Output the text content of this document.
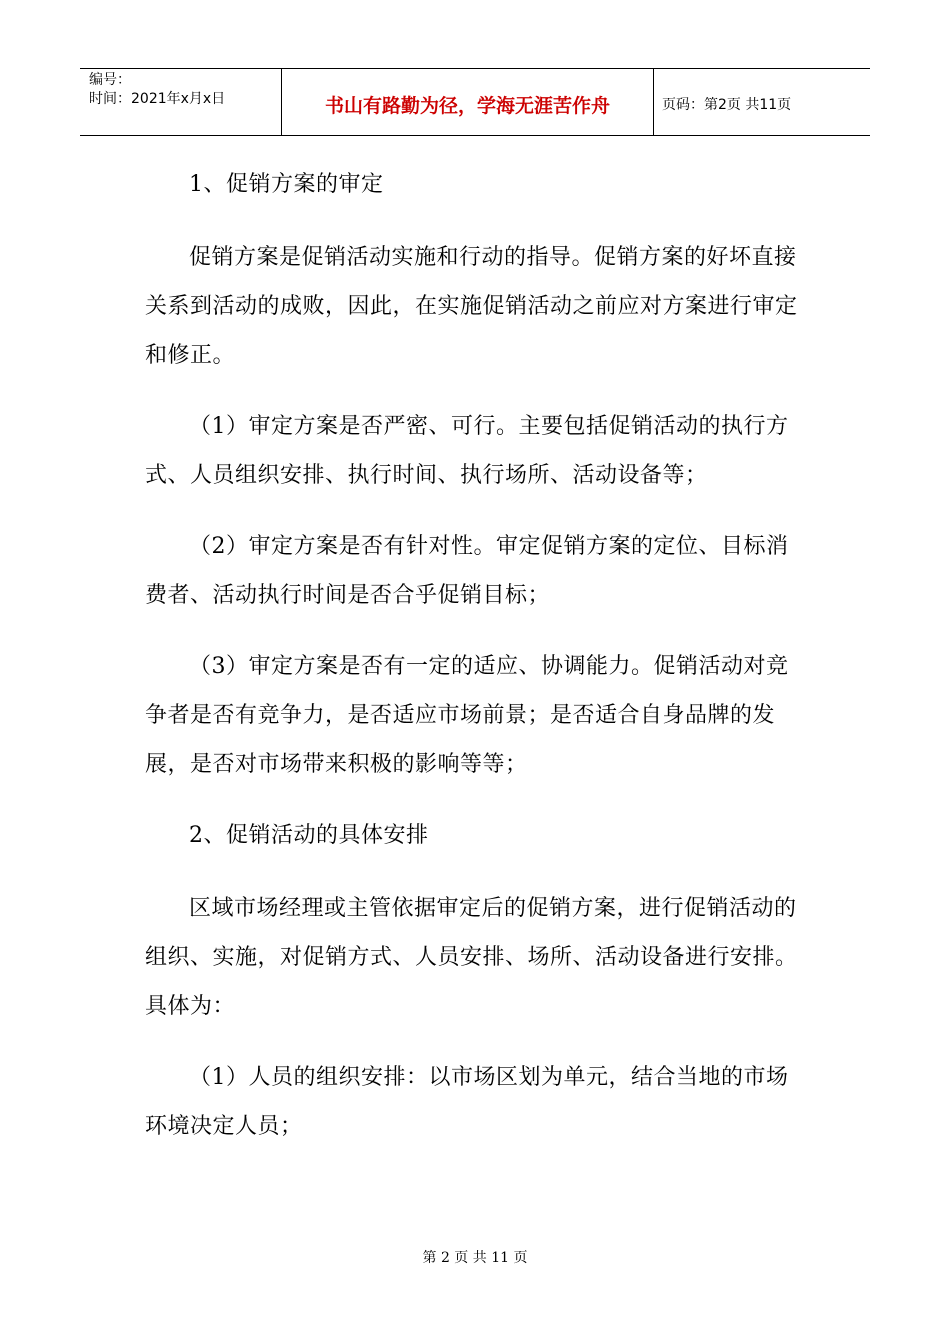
编号：
时间：2021年x月x日	书山有路勤为径，学海无涯苦作舟	页码：第2页 共11页

1、促销方案的审定

促销方案是促销活动实施和行动的指导。促销方案的好坏直接关系到活动的成败，因此，在实施促销活动之前应对方案进行审定和修正。

（1）审定方案是否严密、可行。主要包括促销活动的执行方式、人员组织安排、执行时间、执行场所、活动设备等；

（2）审定方案是否有针对性。审定促销方案的定位、目标消费者、活动执行时间是否合乎促销目标；

（3）审定方案是否有一定的适应、协调能力。促销活动对竞争者是否有竞争力，是否适应市场前景；是否适合自身品牌的发展，是否对市场带来积极的影响等等；

2、促销活动的具体安排

区域市场经理或主管依据审定后的促销方案，进行促销活动的组织、实施，对促销方式、人员安排、场所、活动设备进行安排。具体为：

（1）人员的组织安排：以市场区划为单元，结合当地的市场环境决定人员；

第 2 页 共 11 页
